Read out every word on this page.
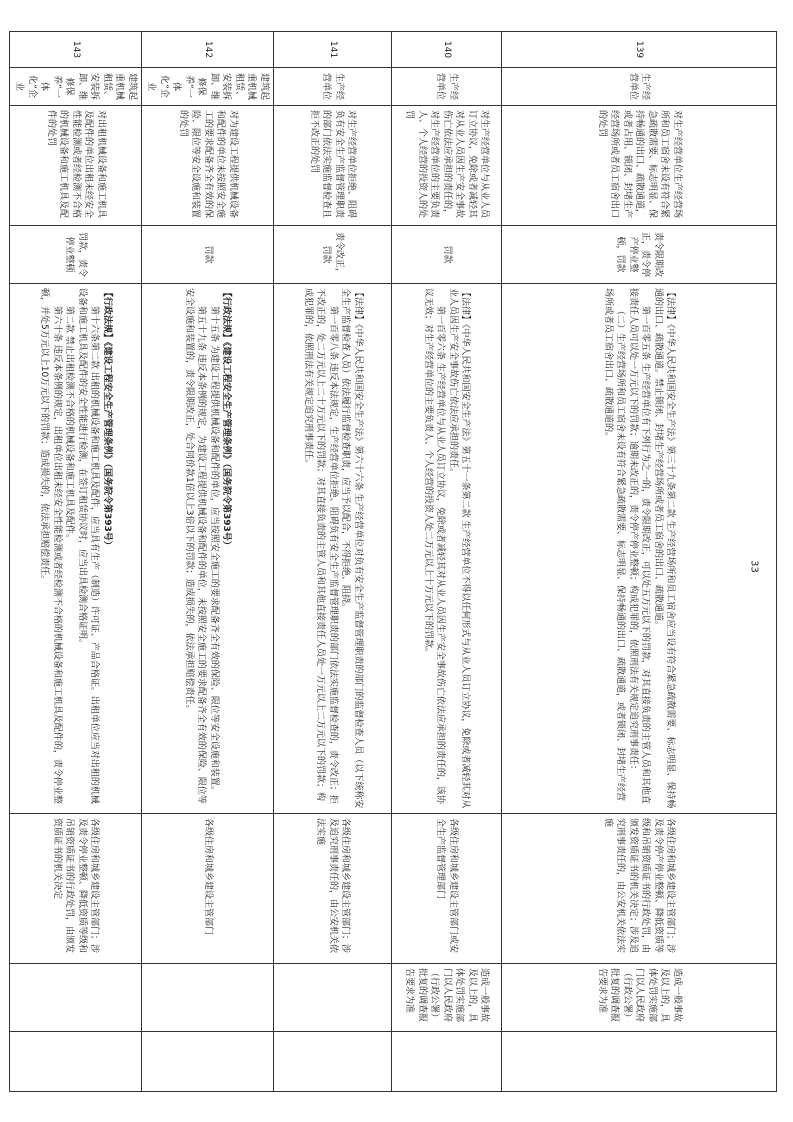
139	生产经营单位	对生产经营单位生产经营场所和员工宿舍未设有符合紧急疏散需要、标志明显、保持畅通的出口、疏散通道，或者占用、锁闭、封堵生产经营场所或者员工宿舍出口的处罚	责令限期改正，责令停产停业整顿，罚款	【法律】《中华人民共和国安全生产法》第三十九条第二款 生产经营场所和员工宿舍应当设有符合紧急疏散需要、标志明显、保持畅通的出口、疏散通道。禁止锁闭、封堵生产经营场所或者员工宿舍的出口、疏散通道。
第一百零五条 生产经营单位有下列行为之一的，责令限期改正，可以处五万元以下的罚款，对其直接负责的主管人员和其他直接责任人员可以处一万元以下的罚款；逾期未改正的，责令停产停业整顿；构成犯罪的，依照刑法有关规定追究刑事责任：
（二）生产经营场所和员工宿舍未设有符合紧急疏散需要、标志明显、保持畅通的出口、疏散通道，或者锁闭、封堵生产经营场所或者员工宿舍出口、疏散通道的。	各级住房和城乡建设主管部门；涉及责令停产停业整顿、降低资质等级和吊销资质证书的行政处罚，由颁发资质证书的机关决定；涉及追究刑事责任的，由公安机关依法实施	造成一般事故及以上的，具体处罚实施部门以人民政府（行政公署）批复的调查报告要求为准	
140	生产经营单位	对生产经营单位与从业人员订立协议，免除或者减轻其对从业人员因生产安全事故伤亡依法应承担的责任的，对生产经营单位的主要负责人、个人经营的投资人的处罚	罚款	【法律】《中华人民共和国安全生产法》第五十一条第二款 生产经营单位不得以任何形式与从业人员订立协议，免除或者减轻其对从业人员因生产安全事故伤亡依法应承担的责任。
第一百零六条 生产经营单位与从业人员订立协议，免除或者减轻其对从业人员因生产安全事故伤亡依法应承担的责任的，该协议无效；对生产经营单位的主要负责人、个人经营的投资人处二万元以上十万元以下的罚款。	各级住房和城乡建设主管部门或安全生产监督管理部门	造成一般事故及以上的，具体处罚实施部门以人民政府（行政公署）批复的调查报告要求为准	
141	生产经营单位	对生产经营单位拒绝、阻碍负有安全生产监督管理职责的部门依法实施监督检查且拒不改正的处罚	责令改正，罚款	【法律】《中华人民共和国安全生产法》第六十六条 生产经营单位对负有安全生产监督管理职责的部门的监督检查人员（以下统称安全生产监督检查人员）依法履行监督检查职责，应当予以配合，不得拒绝、阻挠。
第一百零八条 违反本法规定，生产经营单位拒绝、阻碍负有安全生产监督管理职责的部门依法实施监督检查的，责令改正；拒不改正的，处二万元以上二十万元以下的罚款；对其直接负责的主管人员和其他直接责任人员处一万元以上二万元以下的罚款；构成犯罪的，依照刑法有关规定追究刑事责任。	各级住房和城乡建设主管部门；涉及追究刑事责任的，由公安机关依法实施		
142	建筑起重机械租赁、安装拆卸、维修保养“一体化”企业	对为建设工程提供机械设备和配件的单位未按照安全施工的要求配备齐全有效的保险、限位等安全设施和装置的处罚	罚款	【行政法规】《建设工程安全生产管理条例》（国务院令第393号）
第十五条 为建设工程提供机械设备和配件的单位，应当按照安全施工的要求配备齐全有效的保险、限位等安全设施和装置。
第五十九条 违反本条例的规定，为建设工程提供机械设备和配件的单位，未按照安全施工的要求配备齐全有效的保险、限位等安全设施和装置的，责令限期改正，处合同价款1倍以上3倍以下的罚款；造成损失的，依法承担赔偿责任。	各级住房和城乡建设主管部门		
143	建筑起重机械租赁、安装拆卸、维修保养“一体化”企业	对出租机械设备和施工机具及配件的单位出租未经安全性能检测或者经检测不合格的机械设备和施工机具及配件的处罚	罚款，责令停业整顿	【行政法规】《建设工程安全生产管理条例》（国务院令第393号）
第十六条第二款 出租的机械设备和施工机具及配件，应当具有生产（制造）许可证、产品合格证。出租单位应当对出租的机械设备和施工机具及配件的安全性能进行检测，在签订租赁协议时，应当出具检测合格证明。
第二款 禁止出租检测不合格的机械设备和施工机具及配件。
第六十条 违反本条例的规定，出租单位出租未经安全性能检测或者经检测不合格的机械设备和施工机具及配件的，责令停业整顿，并处5万元以上10万元以下的罚款；造成损失的，依法承担赔偿责任。	各级住房和城乡建设主管部门；涉及责令停业整顿、降低资质等级和吊销资质证书的行政处罚，由颁发资质证书的机关决定		
33
